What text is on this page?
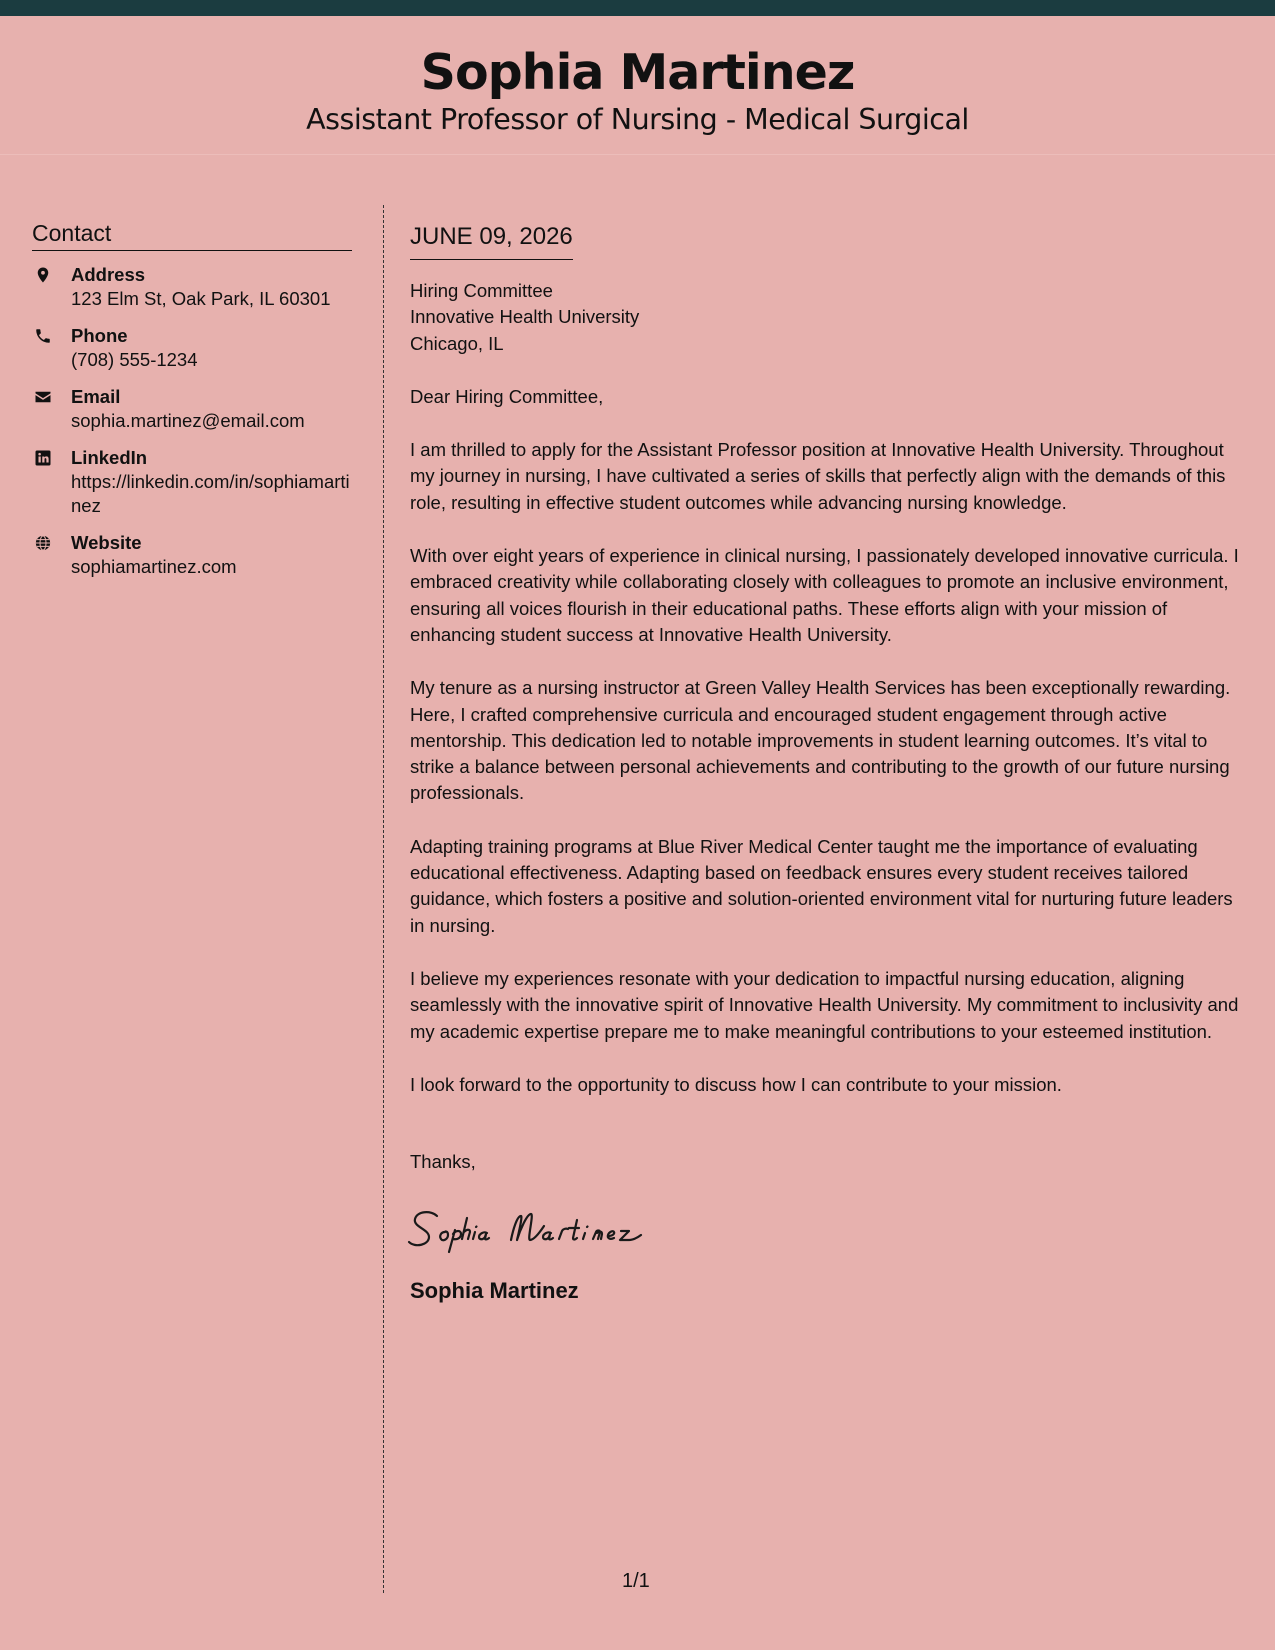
Sophia Martinez
Assistant Professor of Nursing - Medical Surgical
Contact
Address
123 Elm St, Oak Park, IL 60301
Phone
(708) 555-1234
Email
sophia.martinez@email.com
LinkedIn
https://linkedin.com/in/sophiamartinez
Website
sophiamartinez.com
JUNE 09, 2026

Hiring Committee
Innovative Health University
Chicago, IL

Dear Hiring Committee,

I am thrilled to apply for the Assistant Professor position at Innovative Health University. Throughout my journey in nursing, I have cultivated a series of skills that perfectly align with the demands of this role, resulting in effective student outcomes while advancing nursing knowledge.

With over eight years of experience in clinical nursing, I passionately developed innovative curricula. I embraced creativity while collaborating closely with colleagues to promote an inclusive environment, ensuring all voices flourish in their educational paths. These efforts align with your mission of enhancing student success at Innovative Health University.

My tenure as a nursing instructor at Green Valley Health Services has been exceptionally rewarding. Here, I crafted comprehensive curricula and encouraged student engagement through active mentorship. This dedication led to notable improvements in student learning outcomes. It’s vital to strike a balance between personal achievements and contributing to the growth of our future nursing professionals.

Adapting training programs at Blue River Medical Center taught me the importance of evaluating educational effectiveness. Adapting based on feedback ensures every student receives tailored guidance, which fosters a positive and solution-oriented environment vital for nurturing future leaders in nursing.

I believe my experiences resonate with your dedication to impactful nursing education, aligning seamlessly with the innovative spirit of Innovative Health University. My commitment to inclusivity and my academic expertise prepare me to make meaningful contributions to your esteemed institution.

I look forward to the opportunity to discuss how I can contribute to your mission.

Thanks,

Sophia Martinez
1/1
